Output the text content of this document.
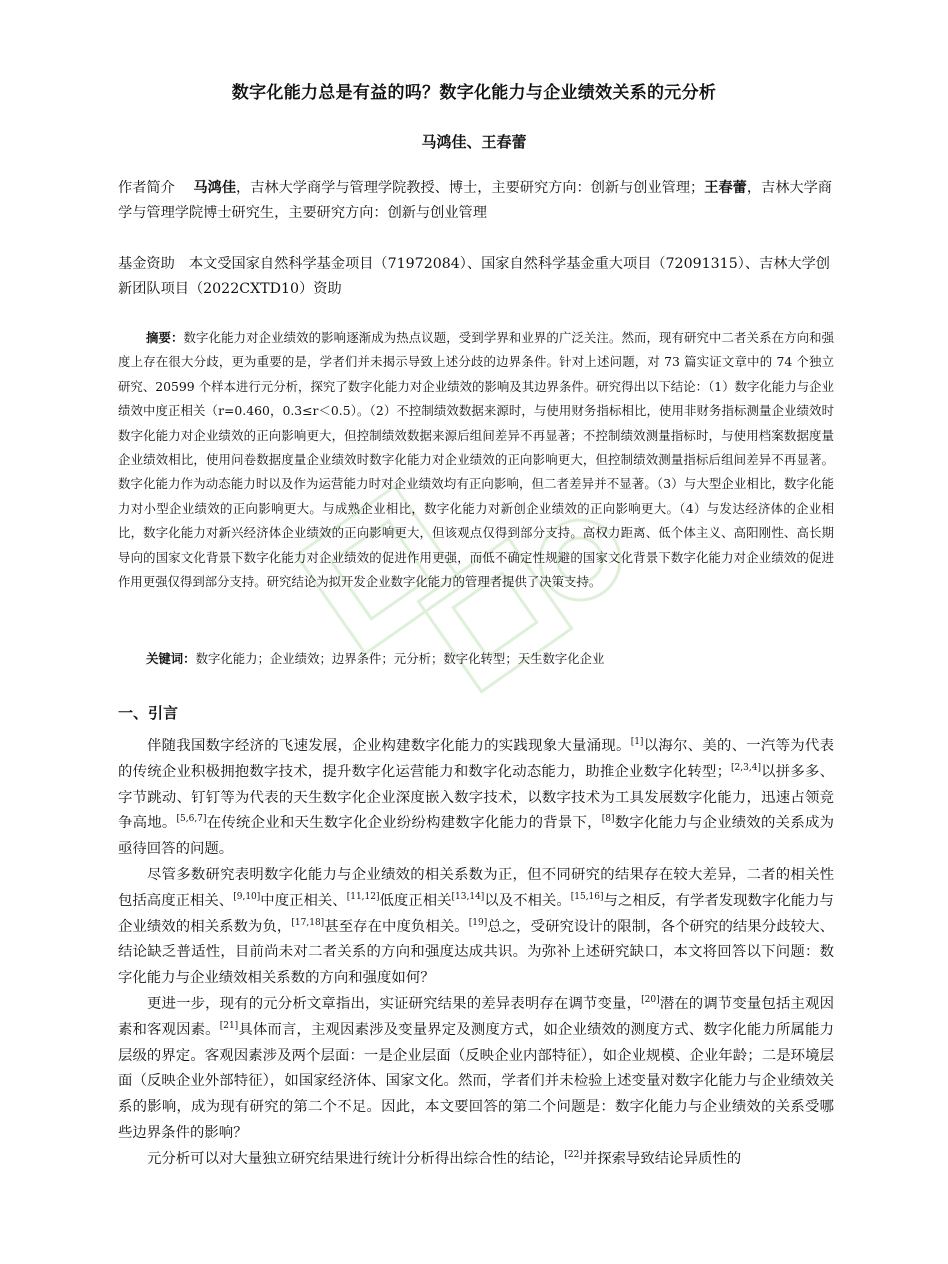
数字化能力总是有益的吗？数字化能力与企业绩效关系的元分析
马鸿佳、王春蕾
作者简介　 马鸿佳，吉林大学商学与管理学院教授、博士，主要研究方向：创新与创业管理；王春蕾，吉林大学商学与管理学院博士研究生，主要研究方向：创新与创业管理
基金资助　 本文受国家自然科学基金项目（71972084）、国家自然科学基金重大项目（72091315）、吉林大学创新团队项目（2022CXTD10）资助
摘要：数字化能力对企业绩效的影响逐渐成为热点议题，受到学界和业界的广泛关注。然而，现有研究中二者关系在方向和强度上存在很大分歧，更为重要的是，学者们并未揭示导致上述分歧的边界条件。针对上述问题，对 73 篇实证文章中的 74 个独立研究、20599 个样本进行元分析，探究了数字化能力对企业绩效的影响及其边界条件。研究得出以下结论：（1）数字化能力与企业绩效中度正相关（r=0.460，0.3≤r＜0.5）。（2）不控制绩效数据来源时，与使用财务指标相比，使用非财务指标测量企业绩效时数字化能力对企业绩效的正向影响更大，但控制绩效数据来源后组间差异不再显著；不控制绩效测量指标时，与使用档案数据度量企业绩效相比，使用问卷数据度量企业绩效时数字化能力对企业绩效的正向影响更大，但控制绩效测量指标后组间差异不再显著。数字化能力作为动态能力时以及作为运营能力时对企业绩效均有正向影响，但二者差异并不显著。（3）与大型企业相比，数字化能力对小型企业绩效的正向影响更大。与成熟企业相比，数字化能力对新创企业绩效的正向影响更大。（4）与发达经济体的企业相比，数字化能力对新兴经济体企业绩效的正向影响更大，但该观点仅得到部分支持。高权力距离、低个体主义、高阳刚性、高长期导向的国家文化背景下数字化能力对企业绩效的促进作用更强，而低不确定性规避的国家文化背景下数字化能力对企业绩效的促进作用更强仅得到部分支持。研究结论为拟开发企业数字化能力的管理者提供了决策支持。
关键词：数字化能力；企业绩效；边界条件；元分析；数字化转型；天生数字化企业
一、引言

伴随我国数字经济的飞速发展，企业构建数字化能力的实践现象大量涌现。[1]以海尔、美的、一汽等为代表的传统企业积极拥抱数字技术，提升数字化运营能力和数字化动态能力，助推企业数字化转型；[2,3,4]以拼多多、字节跳动、钉钉等为代表的天生数字化企业深度嵌入数字技术，以数字技术为工具发展数字化能力，迅速占领竞争高地。[5,6,7]在传统企业和天生数字化企业纷纷构建数字化能力的背景下，[8]数字化能力与企业绩效的关系成为亟待回答的问题。

尽管多数研究表明数字化能力与企业绩效的相关系数为正，但不同研究的结果存在较大差异，二者的相关性包括高度正相关、[9,10]中度正相关、[11,12]低度正相关[13,14]以及不相关。[15,16]与之相反，有学者发现数字化能力与企业绩效的相关系数为负，[17,18]甚至存在中度负相关。[19]总之，受研究设计的限制，各个研究的结果分歧较大、结论缺乏普适性，目前尚未对二者关系的方向和强度达成共识。为弥补上述研究缺口，本文将回答以下问题：数字化能力与企业绩效相关系数的方向和强度如何？

更进一步，现有的元分析文章指出，实证研究结果的差异表明存在调节变量，[20]潜在的调节变量包括主观因素和客观因素。[21]具体而言，主观因素涉及变量界定及测度方式，如企业绩效的测度方式、数字化能力所属能力层级的界定。客观因素涉及两个层面：一是企业层面（反映企业内部特征），如企业规模、企业年龄；二是环境层面（反映企业外部特征），如国家经济体、国家文化。然而，学者们并未检验上述变量对数字化能力与企业绩效关系的影响，成为现有研究的第二个不足。因此，本文要回答的第二个问题是：数字化能力与企业绩效的关系受哪些边界条件的影响？

元分析可以对大量独立研究结果进行统计分析得出综合性的结论，[22]并探索导致结论异质性的
